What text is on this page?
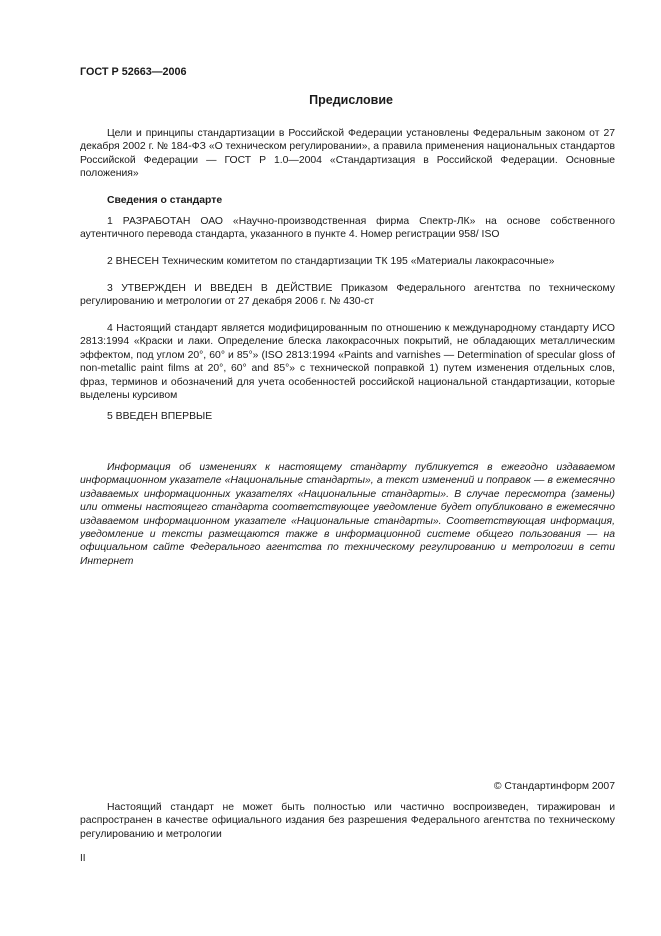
ГОСТ Р 52663—2006
Предисловие

Цели и принципы стандартизации в Российской Федерации установлены Федеральным законом от 27 декабря 2002 г. № 184-ФЗ «О техническом регулировании», а правила применения национальных стандартов Российской Федерации — ГОСТ Р 1.0—2004 «Стандартизация в Российской Федерации. Основные положения»

Сведения о стандарте

1 РАЗРАБОТАН ОАО «Научно-производственная фирма Спектр-ЛК» на основе собственного аутентичного перевода стандарта, указанного в пункте 4. Номер регистрации 958/ ISO

2 ВНЕСЕН Техническим комитетом по стандартизации ТК 195 «Материалы лакокрасочные»

3 УТВЕРЖДЕН И ВВЕДЕН В ДЕЙСТВИЕ Приказом Федерального агентства по техническому регулированию и метрологии от 27 декабря 2006 г. № 430-ст

4 Настоящий стандарт является модифицированным по отношению к международному стандарту ИСО 2813:1994 «Краски и лаки. Определение блеска лакокрасочных покрытий, не обладающих металлическим эффектом, под углом 20°, 60° и 85°» (ISO 2813:1994 «Paints and varnishes — Determination of specular gloss of non-metallic paint films at 20°, 60° and 85°» с технической поправкой 1) путем изменения отдельных слов, фраз, терминов и обозначений для учета особенностей российской национальной стандартизации, которые выделены курсивом

5 ВВЕДЕН ВПЕРВЫЕ

Информация об изменениях к настоящему стандарту публикуется в ежегодно издаваемом информационном указателе «Национальные стандарты», а текст изменений и поправок — в ежемесячно издаваемых информационных указателях «Национальные стандарты». В случае пересмотра (замены) или отмены настоящего стандарта соответствующее уведомление будет опубликовано в ежемесячно издаваемом информационном указателе «Национальные стандарты». Соответствующая информация, уведомление и тексты размещаются также в информационной системе общего пользования — на официальном сайте Федерального агентства по техническому регулированию и метрологии в сети Интернет

© Стандартинформ 2007

Настоящий стандарт не может быть полностью или частично воспроизведен, тиражирован и распространен в качестве официального издания без разрешения Федерального агентства по техническому регулированию и метрологии

II
